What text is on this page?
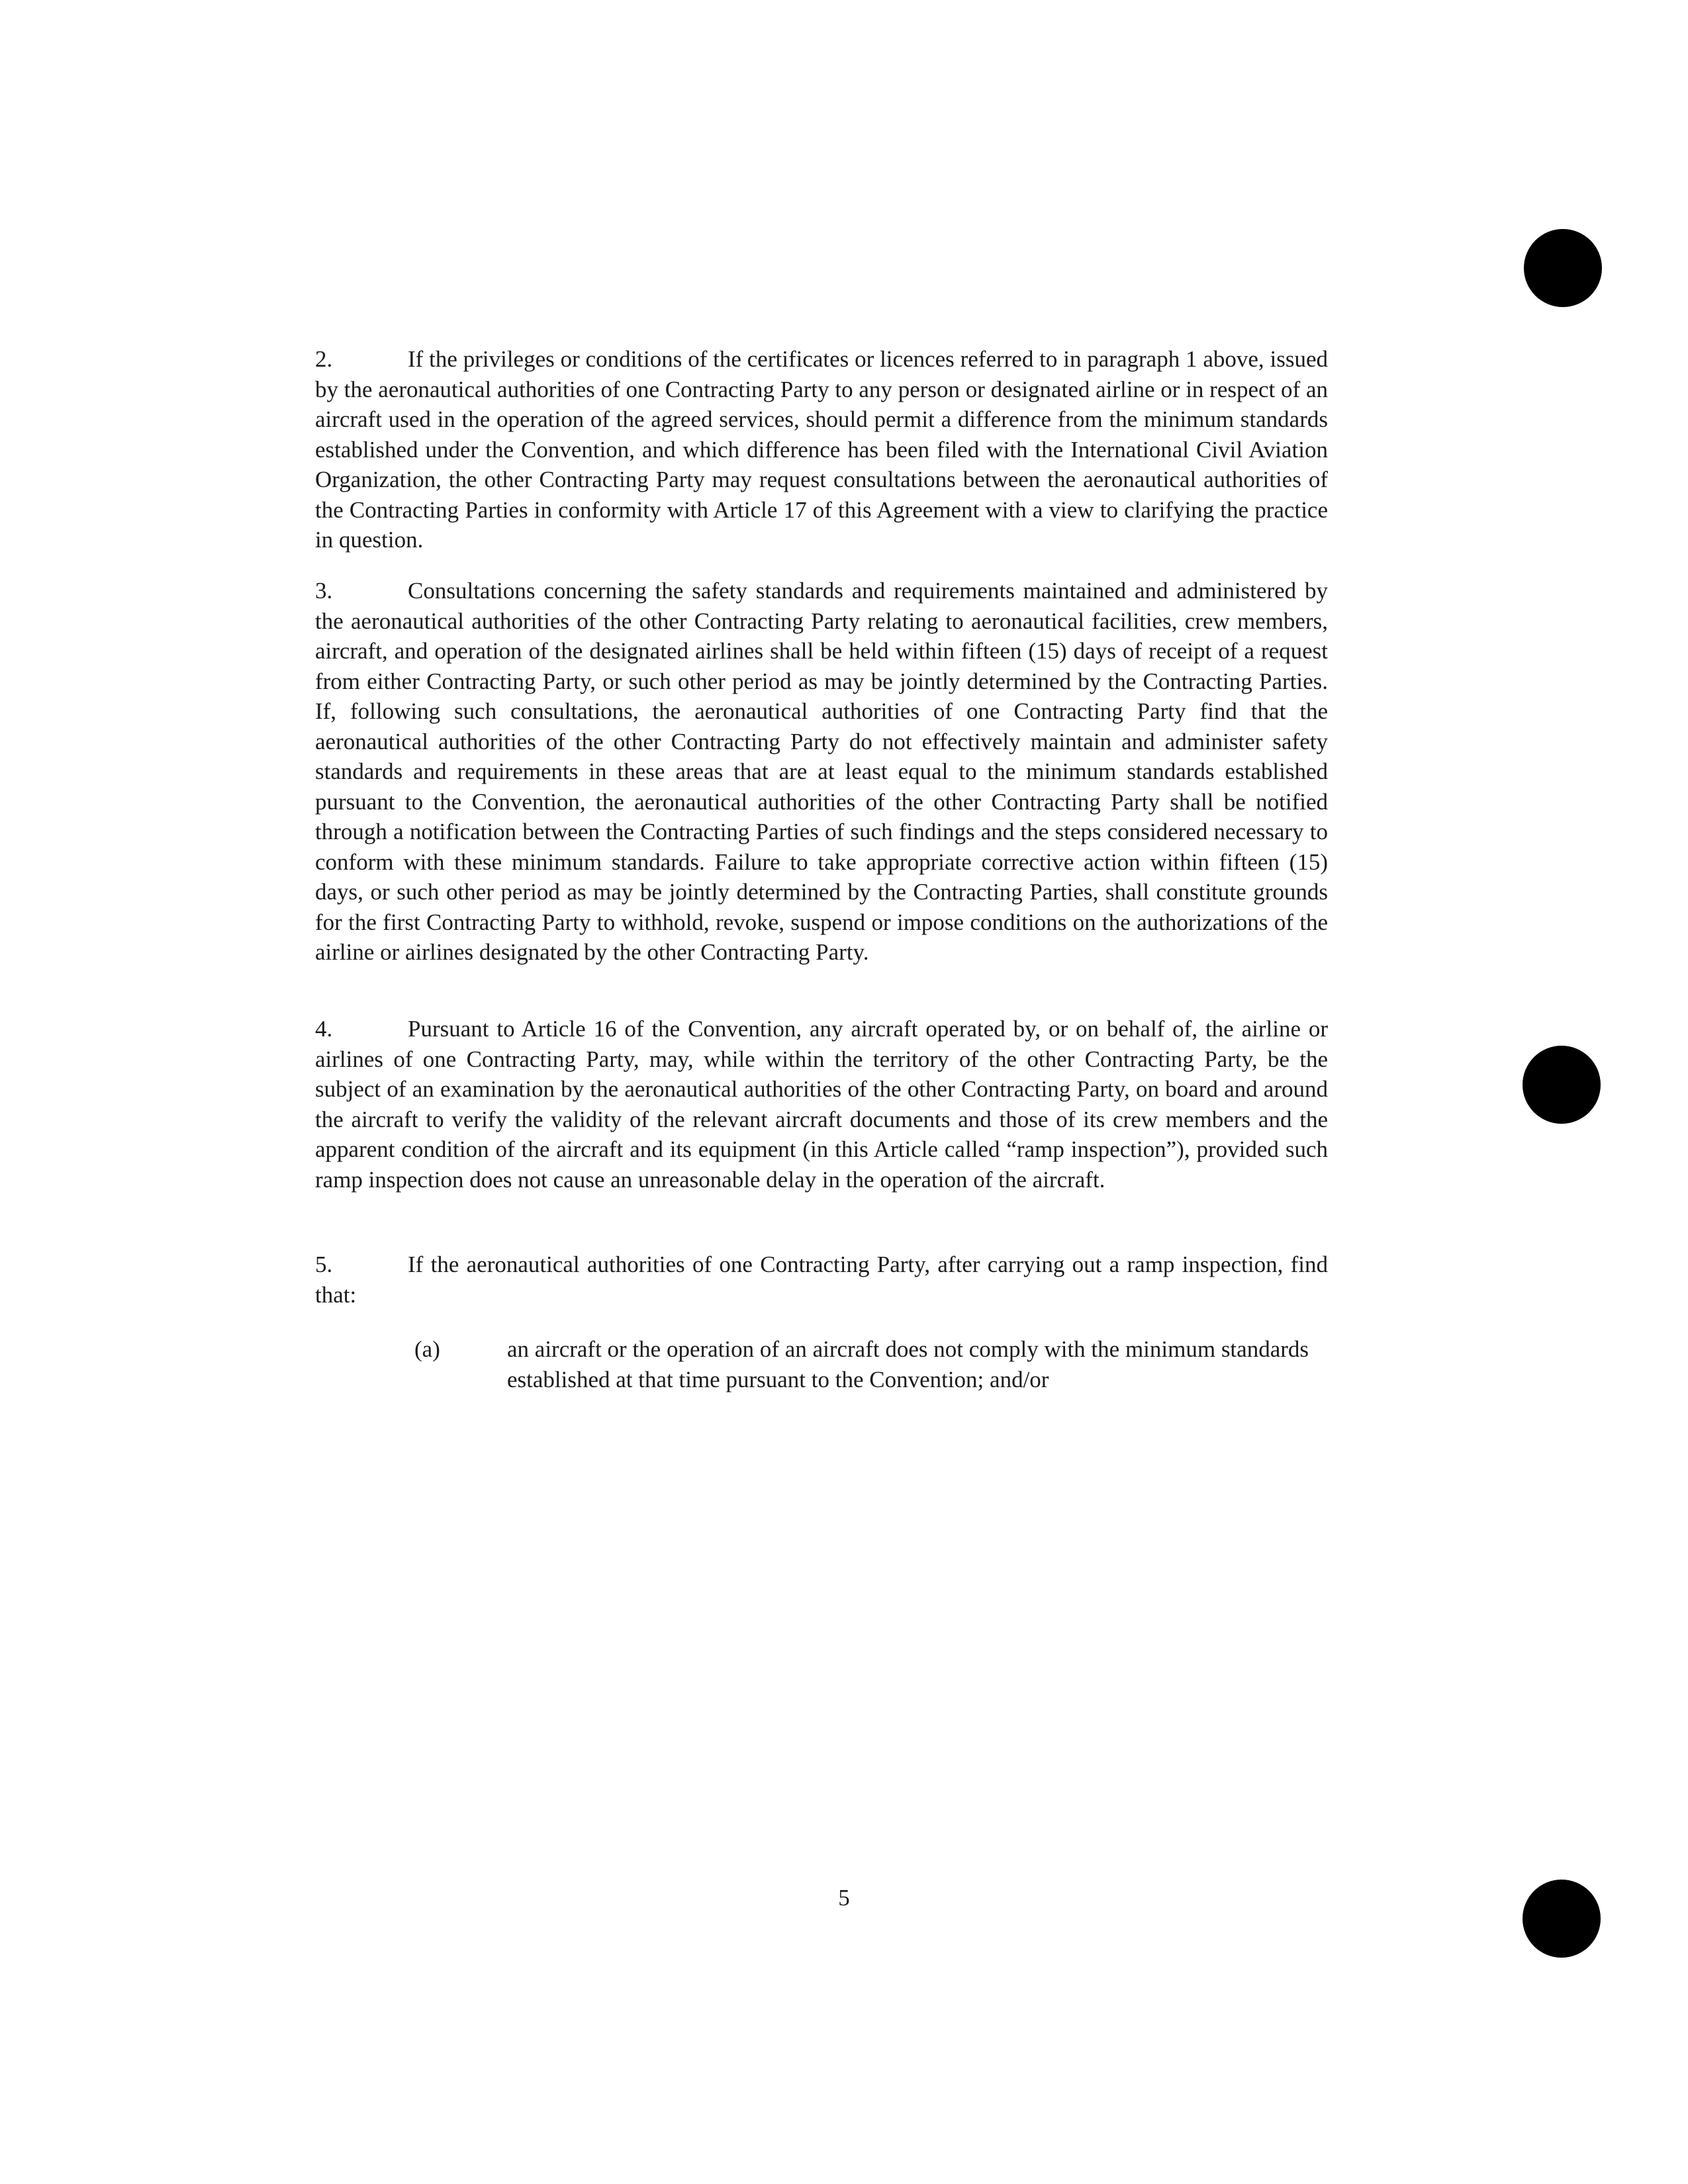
2.	If the privileges or conditions of the certificates or licences referred to in paragraph 1 above, issued by the aeronautical authorities of one Contracting Party to any person or designated airline or in respect of an aircraft used in the operation of the agreed services, should permit a difference from the minimum standards established under the Convention, and which difference has been filed with the International Civil Aviation Organization, the other Contracting Party may request consultations between the aeronautical authorities of the Contracting Parties in conformity with Article 17 of this Agreement with a view to clarifying the practice in question.

3.	Consultations concerning the safety standards and requirements maintained and administered by the aeronautical authorities of the other Contracting Party relating to aeronautical facilities, crew members, aircraft, and operation of the designated airlines shall be held within fifteen (15) days of receipt of a request from either Contracting Party, or such other period as may be jointly determined by the Contracting Parties. If, following such consultations, the aeronautical authorities of one Contracting Party find that the aeronautical authorities of the other Contracting Party do not effectively maintain and administer safety standards and requirements in these areas that are at least equal to the minimum standards established pursuant to the Convention, the aeronautical authorities of the other Contracting Party shall be notified through a notification between the Contracting Parties of such findings and the steps considered necessary to conform with these minimum standards. Failure to take appropriate corrective action within fifteen (15) days, or such other period as may be jointly determined by the Contracting Parties, shall constitute grounds for the first Contracting Party to withhold, revoke, suspend or impose conditions on the authorizations of the airline or airlines designated by the other Contracting Party.

4.	Pursuant to Article 16 of the Convention, any aircraft operated by, or on behalf of, the airline or airlines of one Contracting Party, may, while within the territory of the other Contracting Party, be the subject of an examination by the aeronautical authorities of the other Contracting Party, on board and around the aircraft to verify the validity of the relevant aircraft documents and those of its crew members and the apparent condition of the aircraft and its equipment (in this Article called “ramp inspection”), provided such ramp inspection does not cause an unreasonable delay in the operation of the aircraft.

5.	If the aeronautical authorities of one Contracting Party, after carrying out a ramp inspection, find that:

(a)	an aircraft or the operation of an aircraft does not comply with the minimum standards established at that time pursuant to the Convention; and/or
5
